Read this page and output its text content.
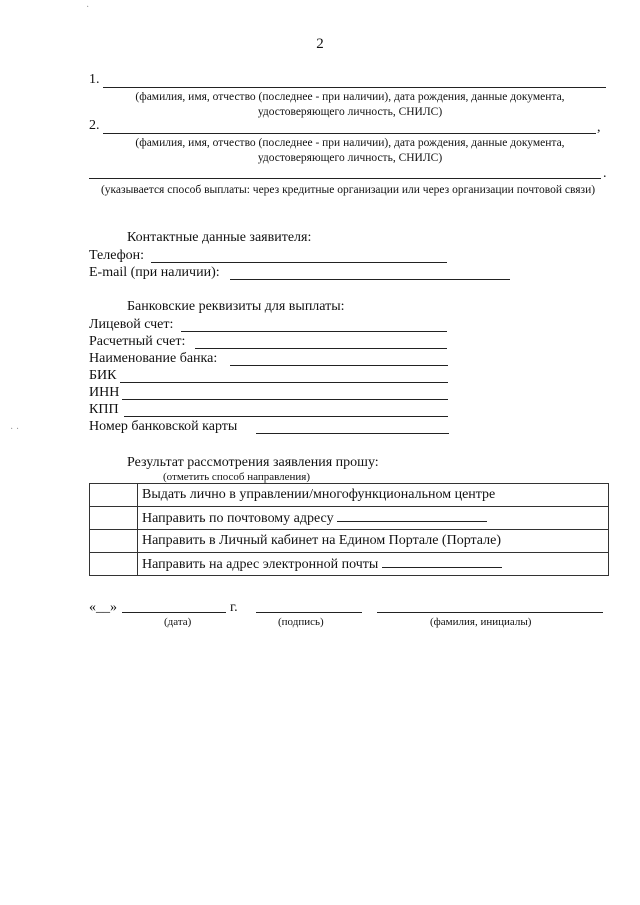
·
· ·
2
1.
(фамилия, имя, отчество (последнее - при наличии), дата рождения, данные документа, удостоверяющего личность, СНИЛС)
2.	,
(фамилия, имя, отчество (последнее - при наличии), дата рождения, данные документа, удостоверяющего личность, СНИЛС)
.
(указывается способ выплаты: через кредитные организации или через организации почтовой связи)
Контактные данные заявителя:
Телефон:
E-mail (при наличии):
Банковские реквизиты для выплаты:
Лицевой счет:
Расчетный счет:
Наименование банка:
БИК
ИНН
КПП
Номер банковской карты
Результат рассмотрения заявления прошу:
(отметить способ направления)
	Выдать лично в управлении/многофункциональном центре
	Направить по почтовому адресу
	Направить в Личный кабинет на Едином Портале (Портале)
	Направить на адрес электронной почты
«__»	г.
(дата)	(подпись)	(фамилия, инициалы)
